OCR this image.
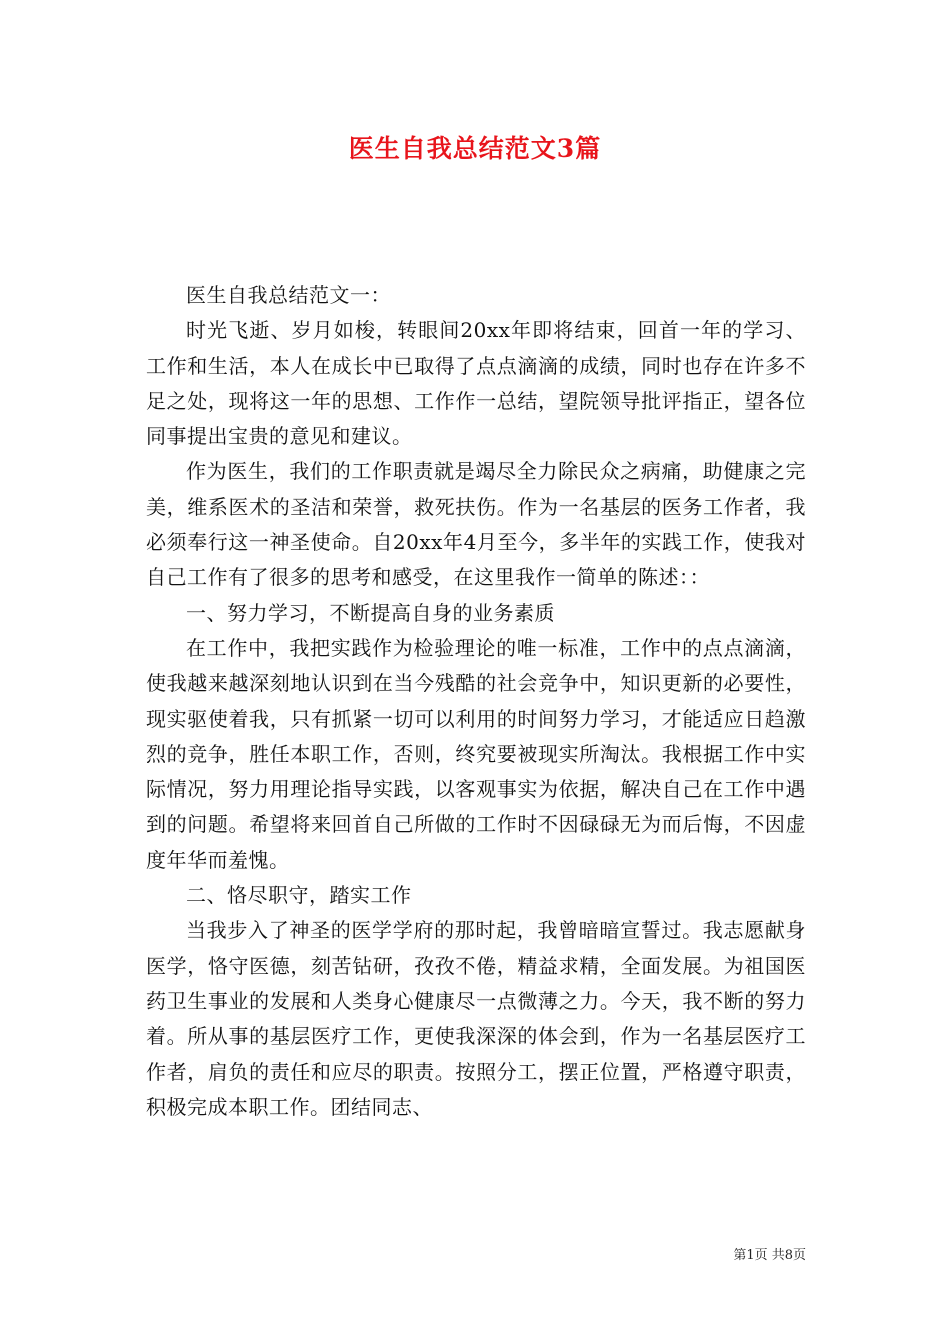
医生自我总结范文3篇

医生自我总结范文一：

时光飞逝、岁月如梭，转眼间20xx年即将结束，回首一年的学习、工作和生活，本人在成长中已取得了点点滴滴的成绩，同时也存在许多不足之处，现将这一年的思想、工作作一总结，望院领导批评指正，望各位同事提出宝贵的意见和建议。

作为医生，我们的工作职责就是竭尽全力除民众之病痛，助健康之完美，维系医术的圣洁和荣誉，救死扶伤。作为一名基层的医务工作者，我必须奉行这一神圣使命。自20xx年4月至今，多半年的实践工作，使我对自己工作有了很多的思考和感受，在这里我作一简单的陈述：：

一、努力学习，不断提高自身的业务素质

在工作中，我把实践作为检验理论的唯一标准，工作中的点点滴滴，使我越来越深刻地认识到在当今残酷的社会竞争中，知识更新的必要性，现实驱使着我，只有抓紧一切可以利用的时间努力学习，才能适应日趋激烈的竞争，胜任本职工作，否则，终究要被现实所淘汰。我根据工作中实际情况，努力用理论指导实践，以客观事实为依据，解决自己在工作中遇到的问题。希望将来回首自己所做的工作时不因碌碌无为而后悔，不因虚度年华而羞愧。

二、恪尽职守，踏实工作

当我步入了神圣的医学学府的那时起，我曾暗暗宣誓过。我志愿献身医学，恪守医德，刻苦钻研，孜孜不倦，精益求精，全面发展。为祖国医药卫生事业的发展和人类身心健康尽一点微薄之力。今天，我不断的努力着。所从事的基层医疗工作，更使我深深的体会到，作为一名基层医疗工作者，肩负的责任和应尽的职责。按照分工，摆正位置，严格遵守职责，积极完成本职工作。团结同志、

第1页 共8页
